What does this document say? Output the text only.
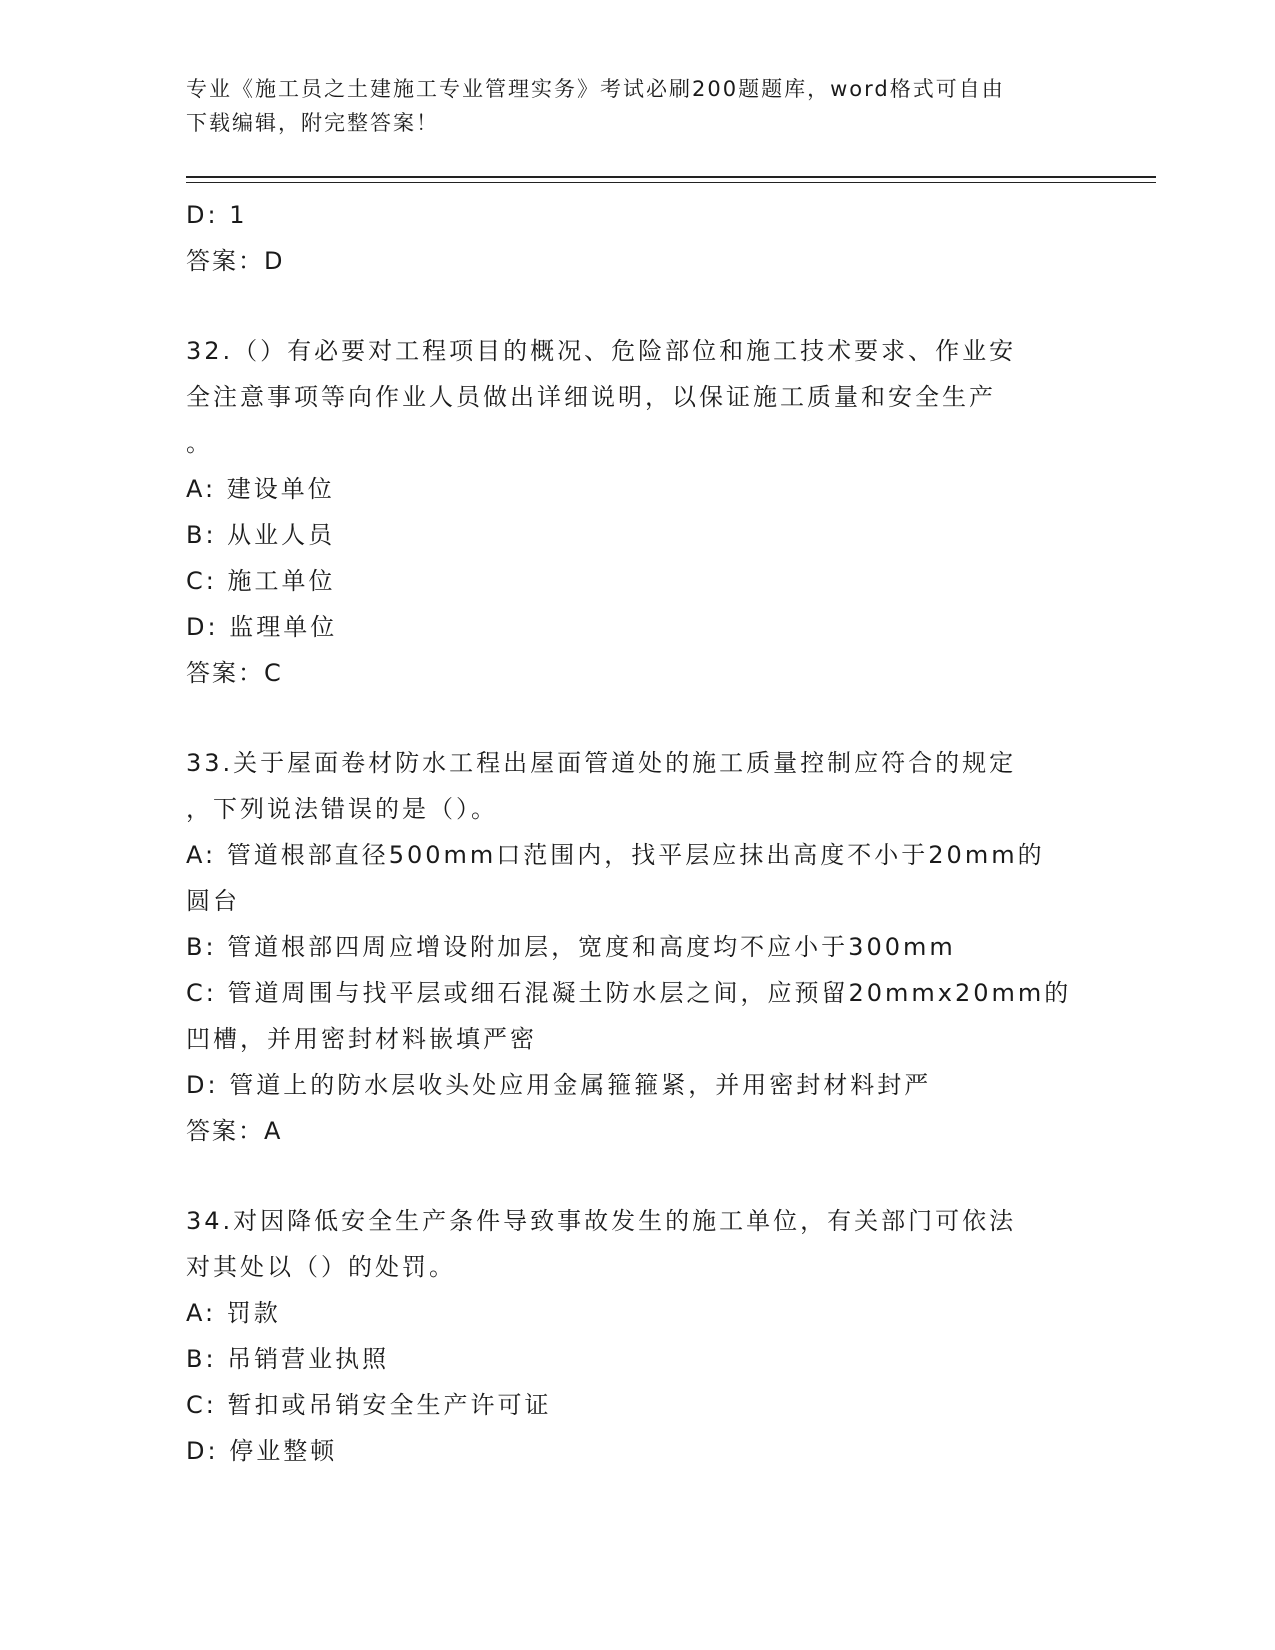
专业《施工员之土建施工专业管理实务》考试必刷200题题库，word格式可自由
下载编辑，附完整答案！
D: 1
答案：D
32.（）有必要对工程项目的概况、危险部位和施工技术要求、作业安
全注意事项等向作业人员做出详细说明，以保证施工质量和安全生产
。
A: 建设单位
B: 从业人员
C: 施工单位
D: 监理单位
答案：C
33.关于屋面卷材防水工程出屋面管道处的施工质量控制应符合的规定
，下列说法错误的是（）。
A: 管道根部直径500mm口范围内，找平层应抹出高度不小于20mm的
圆台
B: 管道根部四周应增设附加层，宽度和高度均不应小于300mm
C: 管道周围与找平层或细石混凝土防水层之间，应预留20mmx20mm的
凹槽，并用密封材料嵌填严密
D: 管道上的防水层收头处应用金属箍箍紧，并用密封材料封严
答案：A
34.对因降低安全生产条件导致事故发生的施工单位，有关部门可依法
对其处以（）的处罚。
A: 罚款
B: 吊销营业执照
C: 暂扣或吊销安全生产许可证
D: 停业整顿
